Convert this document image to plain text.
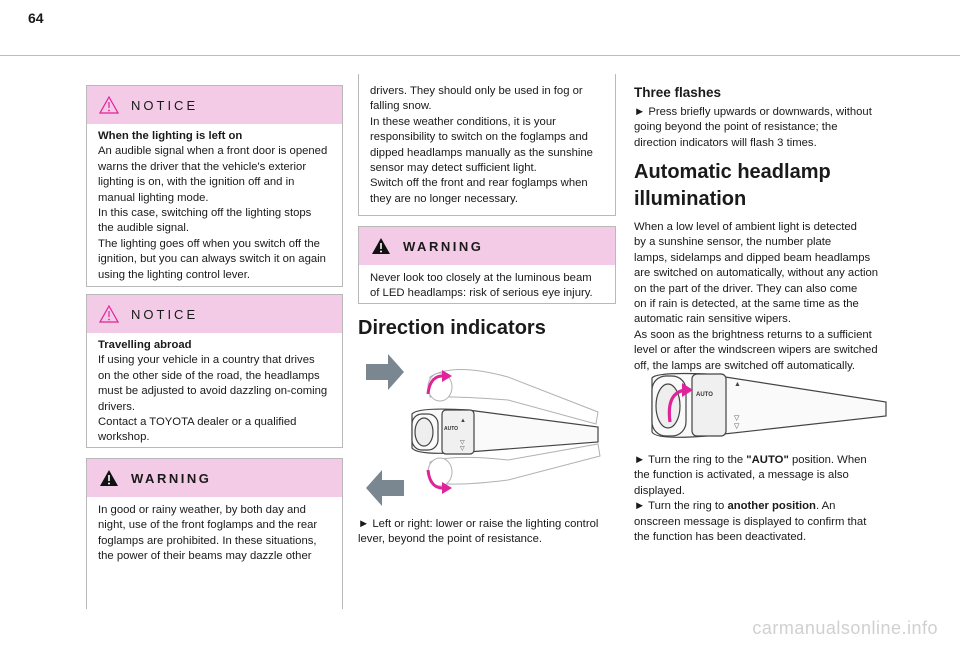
64
NOTICE

When the lighting is left on

An audible signal when a front door is opened

warns the driver that the vehicle's exterior

lighting is on, with the ignition off and in

manual lighting mode.

In this case, switching off the lighting stops

the audible signal.

The lighting goes off when you switch off the

ignition, but you can always switch it on again

using the lighting control lever.

NOTICE

Travelling abroad

If using your vehicle in a country that drives

on the other side of the road, the headlamps

must be adjusted to avoid dazzling on-coming

drivers.

Contact a TOYOTA dealer or a qualified

workshop.

WARNING

In good or rainy weather, by both day and

night, use of the front foglamps and the rear

foglamps are prohibited. In these situations,

the power of their beams may dazzle other

drivers. They should only be used in fog or

falling snow.

In these weather conditions, it is your

responsibility to switch on the foglamps and

dipped headlamps manually as the sunshine

sensor may detect sufficient light.

Switch off the front and rear foglamps when

they are no longer necessary.

WARNING

Never look too closely at the luminous beam

of LED headlamps: risk of serious eye injury.

Direction indicators

AUTO
▲
▽
▽

► Left or right: lower or raise the lighting control

lever, beyond the point of resistance.

Three flashes

► Press briefly upwards or downwards, without

going beyond the point of resistance; the

direction indicators will flash 3 times.

Automatic headlamp

illumination

When a low level of ambient light is detected

by a sunshine sensor, the number plate

lamps, sidelamps and dipped beam headlamps

are switched on automatically, without any action

on the part of the driver. They can also come

on if rain is detected, at the same time as the

automatic rain sensitive wipers.

As soon as the brightness returns to a sufficient

level or after the windscreen wipers are switched

off, the lamps are switched off automatically.

AUTO
▲
▽
▽

► Turn the ring to the "AUTO" position. When

the function is activated, a message is also

displayed.

► Turn the ring to another position. An

onscreen message is displayed to confirm that

the function has been deactivated.

carmanualsonline.info
